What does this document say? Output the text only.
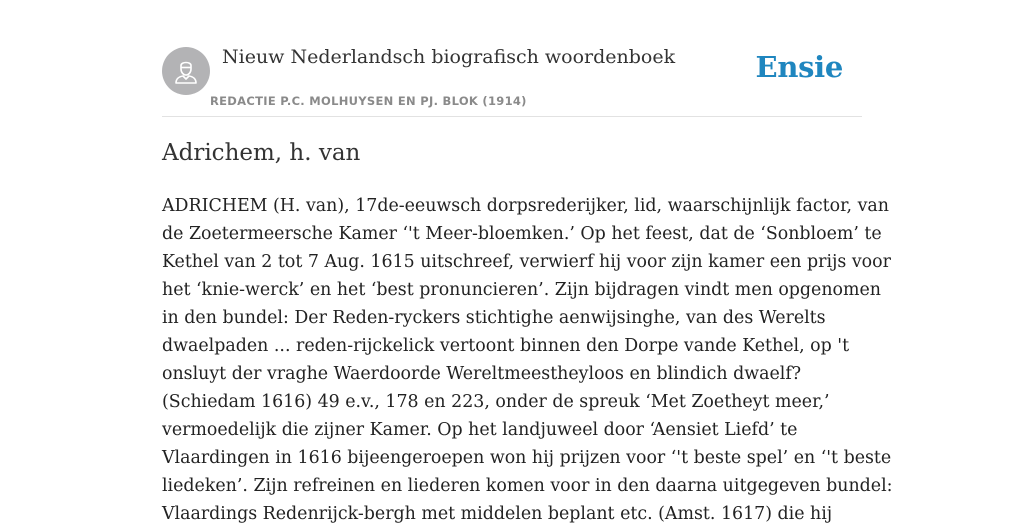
Nieuw Nederlandsch biografisch woordenboek
REDACTIE P.C. MOLHUYSEN EN PJ. BLOK (1914)
Ensie
Adrichem, h. van
ADRICHEM (H. van), 17de-eeuwsch dorpsrederijker, lid, waarschijnlijk factor, van
de Zoetermeersche Kamer ‘'t Meer-bloemken.’ Op het feest, dat de ‘Sonbloem’ te
Kethel van 2 tot 7 Aug. 1615 uitschreef, verwierf hij voor zijn kamer een prijs voor
het ‘knie-werck’ en het ‘best pronuncieren’. Zijn bijdragen vindt men opgenomen
in den bundel: Der Reden-ryckers stichtighe aenwijsinghe, van des Werelts
dwaelpaden ... reden-rijckelick vertoont binnen den Dorpe vande Kethel, op 't
onsluyt der vraghe Waerdoorde Wereltmeestheyloos en blindich dwaelf?
(Schiedam 1616) 49 e.v., 178 en 223, onder de spreuk ‘Met Zoetheyt meer,’
vermoedelijk die zijner Kamer. Op het landjuweel door ‘Aensiet Liefd’ te
Vlaardingen in 1616 bijeengeroepen won hij prijzen voor ‘'t beste spel’ en ‘'t beste
liedeken’. Zijn refreinen en liederen komen voor in den daarna uitgegeven bundel:
Vlaardings Redenrijck-bergh met middelen beplant etc. (Amst. 1617) die hij
